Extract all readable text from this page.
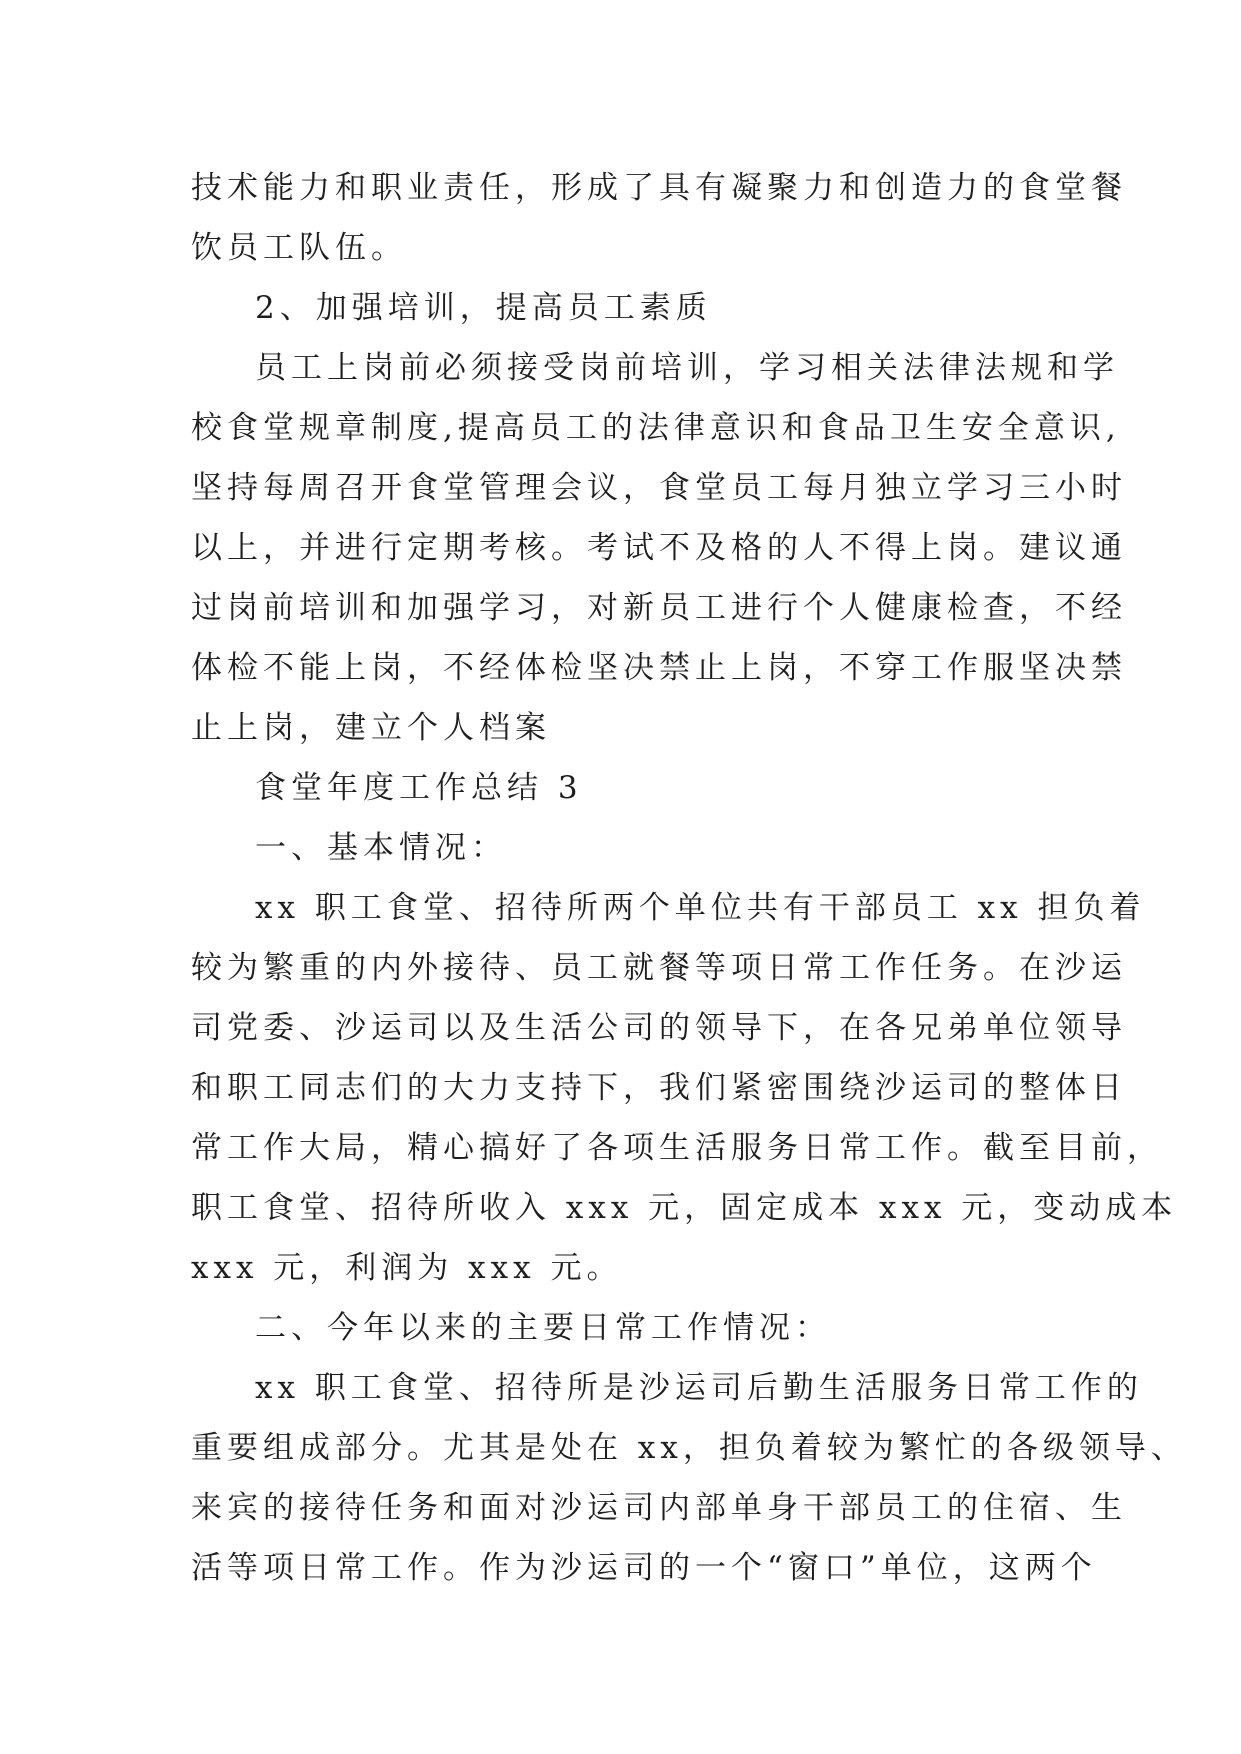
技术能力和职业责任，形成了具有凝聚力和创造力的食堂餐
饮员工队伍。
2、加强培训，提高员工素质
员工上岗前必须接受岗前培训，学习相关法律法规和学
校食堂规章制度,提高员工的法律意识和食品卫生安全意识,
坚持每周召开食堂管理会议，食堂员工每月独立学习三小时
以上，并进行定期考核。考试不及格的人不得上岗。建议通
过岗前培训和加强学习，对新员工进行个人健康检查，不经
体检不能上岗，不经体检坚决禁止上岗，不穿工作服坚决禁
止上岗，建立个人档案
食堂年度工作总结 3
一、基本情况：
xx 职工食堂、招待所两个单位共有干部员工 xx 担负着
较为繁重的内外接待、员工就餐等项日常工作任务。在沙运
司党委、沙运司以及生活公司的领导下，在各兄弟单位领导
和职工同志们的大力支持下，我们紧密围绕沙运司的整体日
常工作大局，精心搞好了各项生活服务日常工作。截至目前，
职工食堂、招待所收入 xxx 元，固定成本 xxx 元，变动成本
xxx 元，利润为 xxx 元。
二、今年以来的主要日常工作情况：
xx 职工食堂、招待所是沙运司后勤生活服务日常工作的
重要组成部分。尤其是处在 xx，担负着较为繁忙的各级领导、
来宾的接待任务和面对沙运司内部单身干部员工的住宿、生
活等项日常工作。作为沙运司的一个“窗口”单位，这两个
